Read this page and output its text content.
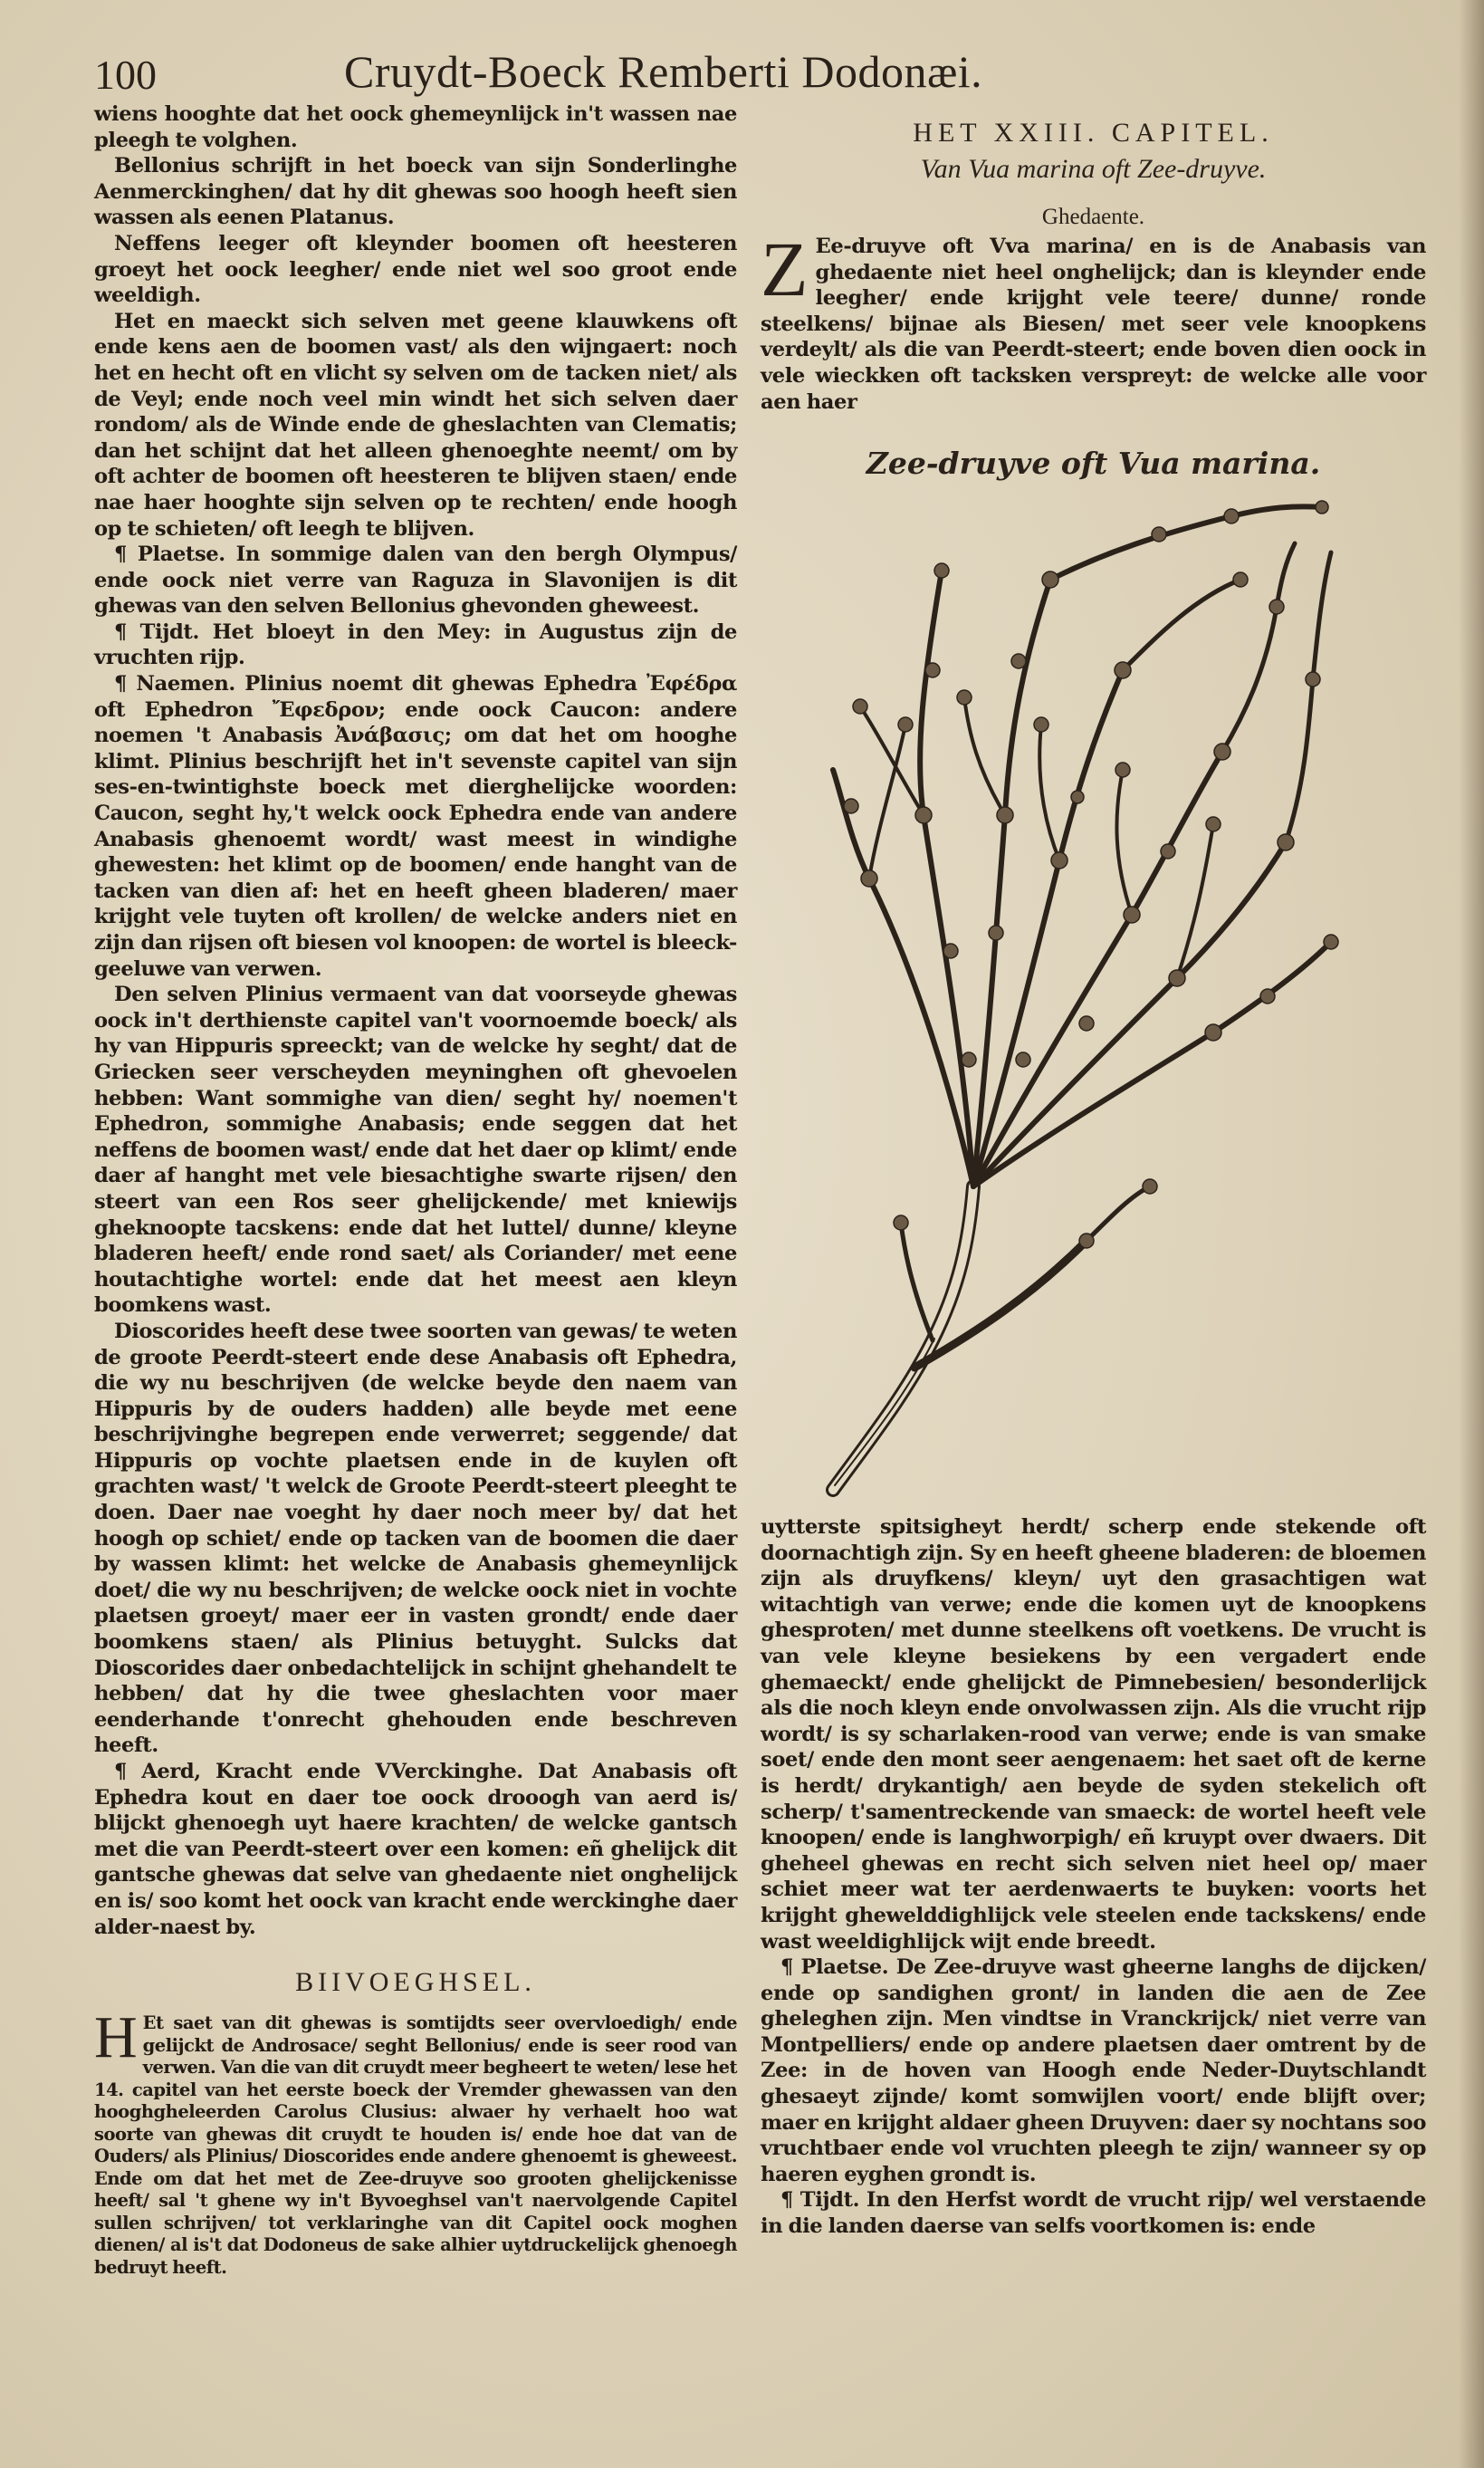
100	Cruydt-Boeck Remberti Dodonæi.

wiens hooghte dat het oock ghemeynlijck in't wassen nae pleegh te volghen.

Bellonius schrijft in het boeck van sijn Sonderlinghe Aenmerckinghen/ dat hy dit ghewas soo hoogh heeft sien wassen als eenen Platanus.

Neffens leeger oft kleynder boomen oft heesteren groeyt het oock leegher/ ende niet wel soo groot ende weeldigh.

Het en maeckt sich selven met geene klauwkens oft ende kens aen de boomen vast/ als den wijngaert: noch het en hecht oft en vlicht sy selven om de tacken niet/ als de Veyl; ende noch veel min windt het sich selven daer rondom/ als de Winde ende de gheslachten van Clematis; dan het schijnt dat het alleen ghenoeghte neemt/ om by oft achter de boomen oft heesteren te blijven staen/ ende nae haer hooghte sijn selven op te rechten/ ende hoogh op te schieten/ oft leegh te blijven.

¶ Plaetse. In sommige dalen van den bergh Olympus/ ende oock niet verre van Raguza in Slavonijen is dit ghewas van den selven Bellonius ghevonden gheweest.

¶ Tijdt. Het bloeyt in den Mey: in Augustus zijn de vruchten rijp.

¶ Naemen. Plinius noemt dit ghewas Ephedra Ἐφέδρα oft Ephedron Ἔφεδρον; ende oock Caucon: andere noemen 't Anabasis Ἀνάβασις; om dat het om hooghe klimt. Plinius beschrijft het in't sevenste capitel van sijn ses-en-twintighste boeck met dierghelijcke woorden: Caucon, seght hy,'t welck oock Ephedra ende van andere Anabasis ghenoemt wordt/ wast meest in windighe ghewesten: het klimt op de boomen/ ende hanght van de tacken van dien af: het en heeft gheen bladeren/ maer krijght vele tuyten oft krollen/ de welcke anders niet en zijn dan rijsen oft biesen vol knoopen: de wortel is bleeck-geeluwe van verwen.

Den selven Plinius vermaent van dat voorseyde ghewas oock in't derthienste capitel van't voornoemde boeck/ als hy van Hippuris spreeckt; van de welcke hy seght/ dat de Griecken seer verscheyden meyninghen oft ghevoelen hebben: Want sommighe van dien/ seght hy/ noemen't Ephedron, sommighe Anabasis; ende seggen dat het neffens de boomen wast/ ende dat het daer op klimt/ ende daer af hanght met vele biesachtighe swarte rijsen/ den steert van een Ros seer ghelijckende/ met kniewijs gheknoopte tacskens: ende dat het luttel/ dunne/ kleyne bladeren heeft/ ende rond saet/ als Coriander/ met eene houtachtighe wortel: ende dat het meest aen kleyn boomkens wast.

Dioscorides heeft dese twee soorten van gewas/ te weten de groote Peerdt-steert ende dese Anabasis oft Ephedra, die wy nu beschrijven (de welcke beyde den naem van Hippuris by de ouders hadden) alle beyde met eene beschrijvinghe begrepen ende verwerret; seggende/ dat Hippuris op vochte plaetsen ende in de kuylen oft grachten wast/ 't welck de Groote Peerdt-steert pleeght te doen. Daer nae voeght hy daer noch meer by/ dat het hoogh op schiet/ ende op tacken van de boomen die daer by wassen klimt: het welcke de Anabasis ghemeynlijck doet/ die wy nu beschrijven; de welcke oock niet in vochte plaetsen groeyt/ maer eer in vasten grondt/ ende daer boomkens staen/ als Plinius betuyght. Sulcks dat Dioscorides daer onbedachtelijck in schijnt ghehandelt te hebben/ dat hy die twee gheslachten voor maer eenderhande t'onrecht ghehouden ende beschreven heeft.

¶ Aerd, Kracht ende VVerckinghe. Dat Anabasis oft Ephedra kout en daer toe oock drooogh van aerd is/ blijckt ghenoegh uyt haere krachten/ de welcke gantsch met die van Peerdt-steert over een komen: eñ ghelijck dit gantsche ghewas dat selve van ghedaente niet onghelijck en is/ soo komt het oock van kracht ende werckinghe daer alder-naest by.

BIIVOEGHSEL.
H Et saet van dit ghewas is somtijdts seer overvloedigh/ ende gelijckt de Androsace/ seght Bellonius/ ende is seer rood van verwen. Van die van dit cruydt meer begheert te weten/ lese het 14. capitel van het eerste boeck der Vremder ghewassen van den hooghgheleerden Carolus Clusius: alwaer hy verhaelt hoo wat soorte van ghewas dit cruydt te houden is/ ende hoe dat van de Ouders/ als Plinius/ Dioscorides ende andere ghenoemt is gheweest. Ende om dat het met de Zee-druyve soo grooten ghelijckenisse heeft/ sal 't ghene wy in't Byvoeghsel van't naervolgende Capitel sullen schrijven/ tot verklaringhe van dit Capitel oock moghen dienen/ al is't dat Dodoneus de sake alhier uytdruckelijck ghenoegh bedruyt heeft.

HET XXIII. CAPITEL.
Van Vua marina oft Zee-druyve.
Ghedaente.
Z Ee-druyve oft Vva marina/ en is de Anabasis van ghedaente niet heel onghelijck; dan is kleynder ende leegher/ ende krijght vele teere/ dunne/ ronde steelkens/ bijnae als Biesen/ met seer vele knoopkens verdeylt/ als die van Peerdt-steert; ende boven dien oock in vele wieckken oft tacksken verspreyt: de welcke alle voor aen haer

Zee-druyve oft Vua marina.

uytterste spitsigheyt herdt/ scherp ende stekende oft doornachtigh zijn. Sy en heeft gheene bladeren: de bloemen zijn als druyfkens/ kleyn/ uyt den grasachtigen wat witachtigh van verwe; ende die komen uyt de knoopkens ghesproten/ met dunne steelkens oft voetkens. De vrucht is van vele kleyne besiekens by een vergadert ende ghemaeckt/ ende ghelijckt de Pimnebesien/ besonderlijck als die noch kleyn ende onvolwassen zijn. Als die vrucht rijp wordt/ is sy scharlaken-rood van verwe; ende is van smake soet/ ende den mont seer aengenaem: het saet oft de kerne is herdt/ drykantigh/ aen beyde de syden stekelich oft scherp/ t'samentreckende van smaeck: de wortel heeft vele knoopen/ ende is langhworpigh/ eñ kruypt over dwaers. Dit gheheel ghewas en recht sich selven niet heel op/ maer schiet meer wat ter aerdenwaerts te buyken: voorts het krijght ghewelddighlijck vele steelen ende tackskens/ ende wast weeldighlijck wijt ende breedt.

¶ Plaetse. De Zee-druyve wast gheerne langhs de dijcken/ ende op sandighen gront/ in landen die aen de Zee gheleghen zijn. Men vindtse in Vranckrijck/ niet verre van Montpelliers/ ende op andere plaetsen daer omtrent by de Zee: in de hoven van Hoogh ende Neder-Duytschlandt ghesaeyt zijnde/ komt somwijlen voort/ ende blijft over; maer en krijght aldaer gheen Druyven: daer sy nochtans soo vruchtbaer ende vol vruchten pleegh te zijn/ wanneer sy op haeren eyghen grondt is.

¶ Tijdt. In den Herfst wordt de vrucht rijp/ wel verstaende in die landen daerse van selfs voortkomen is: ende
